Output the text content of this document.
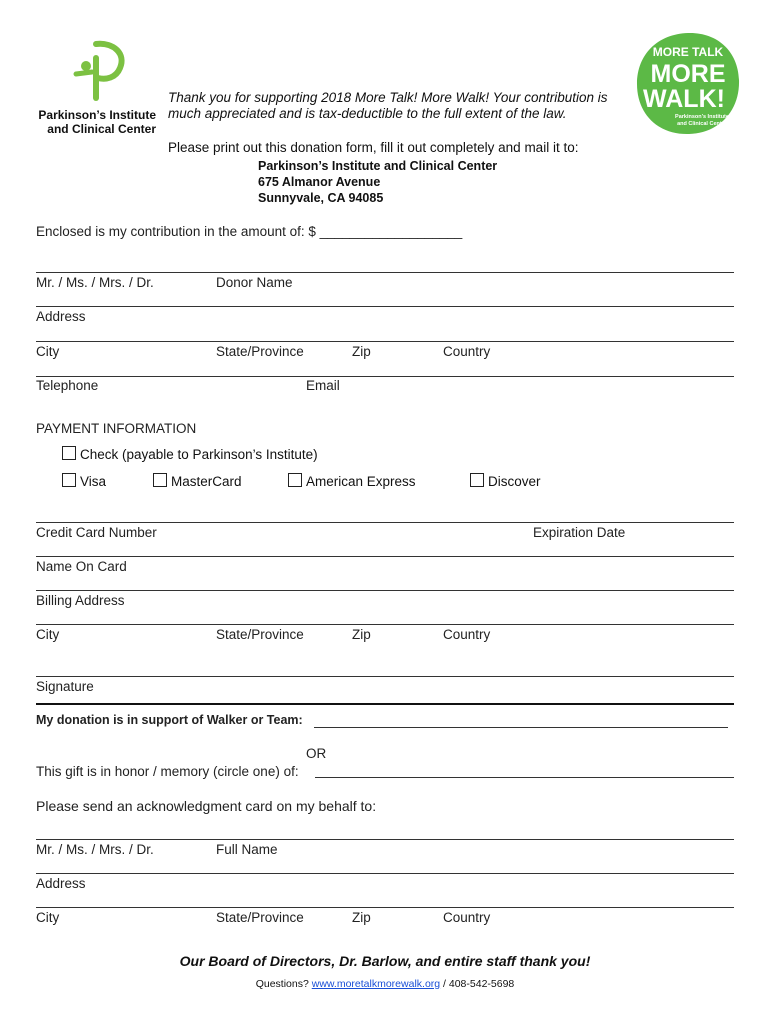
Parkinson’s Institute
and Clinical Center
MORE TALK
MORE
WALK!
Parkinson’s Institute
and Clinical Center
Thank you for supporting 2018 More Talk! More Walk! Your contribution is much appreciated and is tax-deductible to the full extent of the law.
Please print out this donation form, fill it out completely and mail it to:
Parkinson’s Institute and Clinical Center
675 Almanor Avenue
Sunnyvale, CA 94085
Enclosed is my contribution in the amount of: $ ___________________
Mr. / Ms. / Mrs. / Dr.	Donor Name
Address
City	State/Province	Zip	Country
Telephone	Email
PAYMENT INFORMATION
Check (payable to Parkinson’s Institute)
Visa	MasterCard	American Express	Discover
Credit Card Number	Expiration Date
Name On Card
Billing Address
City	State/Province	Zip	Country
Signature
My donation is in support of Walker or Team:
OR
This gift is in honor / memory (circle one) of:
Please send an acknowledgment card on my behalf to:
Mr. / Ms. / Mrs. / Dr.	Full Name
Address
City	State/Province	Zip	Country
Our Board of Directors, Dr. Barlow, and entire staff thank you!
Questions? www.moretalkmorewalk.org / 408-542-5698
